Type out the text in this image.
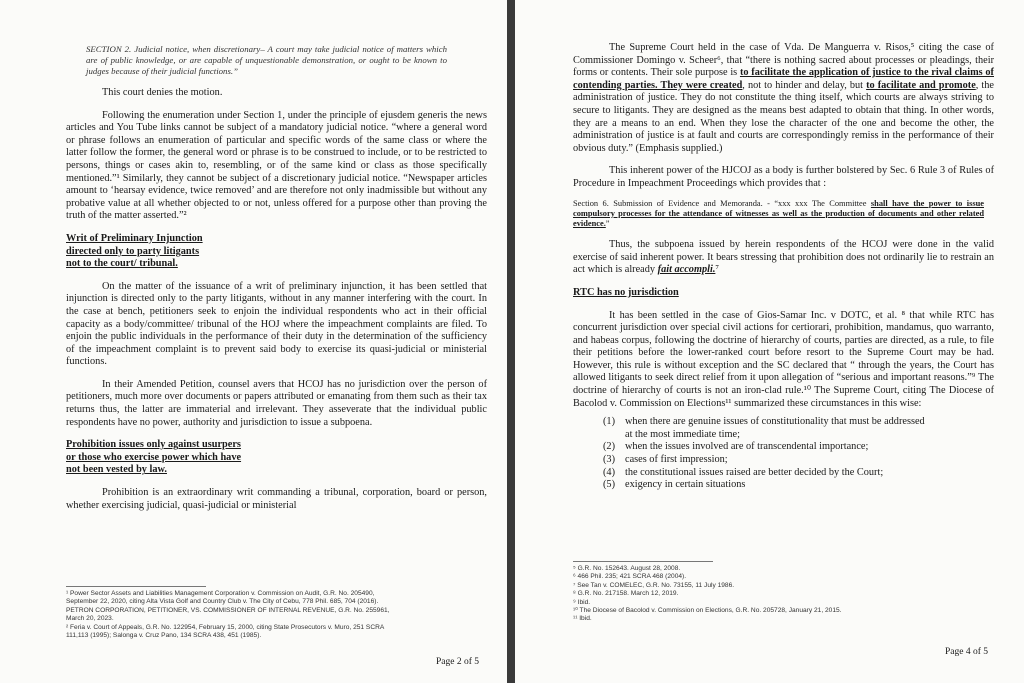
SECTION 2. Judicial notice, when discretionary– A court may take judicial notice of matters which are of public knowledge, or are capable of unquestionable demonstration, or ought to be known to judges because of their judicial functions.”

This court denies the motion.

Following the enumeration under Section 1, under the principle of ejusdem generis the news articles and You Tube links cannot be subject of a mandatory judicial notice. “where a general word or phrase follows an enumeration of particular and specific words of the same class or where the latter follow the former, the general word or phrase is to be construed to include, or to be restricted to persons, things or cases akin to, resembling, or of the same kind or class as those specifically mentioned.”¹ Similarly, they cannot be subject of a discretionary judicial notice. “Newspaper articles amount to ‘hearsay evidence, twice removed’ and are therefore not only inadmissible but without any probative value at all whether objected to or not, unless offered for a purpose other than proving the truth of the matter asserted.”²

Writ of Preliminary Injunction
directed only to party litigants
not to the court/ tribunal.

On the matter of the issuance of a writ of preliminary injunction, it has been settled that injunction is directed only to the party litigants, without in any manner interfering with the court. In the case at bench, petitioners seek to enjoin the individual respondents who act in their official capacity as a body/committee/ tribunal of the HOJ where the impeachment complaints are filed. To enjoin the public individuals in the performance of their duty in the determination of the sufficiency of the impeachment complaint is to prevent said body to exercise its quasi-judicial or ministerial functions.

In their Amended Petition, counsel avers that HCOJ has no jurisdiction over the person of petitioners, much more over documents or papers attributed or emanating from them such as their tax returns thus, the latter are immaterial and irrelevant. They asseverate that the individual public respondents have no power, authority and jurisdiction to issue a subpoena.

Prohibition issues only against usurpers
or those who exercise power which have
not been vested by law.

Prohibition is an extraordinary writ commanding a tribunal, corporation, board or person, whether exercising judicial, quasi-judicial or ministerial

¹ Power Sector Assets and Liabilities Management Corporation v. Commission on Audit, G.R. No. 205490,
September 22, 2020, citing Alta Vista Golf and Country Club v. The City of Cebu, 778 Phil. 685, 704 (2016).
PETRON CORPORATION, PETITIONER, VS. COMMISSIONER OF INTERNAL REVENUE, G.R. No. 255961,
March 20, 2023.
² Feria v. Court of Appeals, G.R. No. 122954, February 15, 2000, citing State Prosecutors v. Muro, 251 SCRA
111,113 (1995); Salonga v. Cruz Pano, 134 SCRA 438, 451 (1985).
Page 2 of 5

The Supreme Court held in the case of Vda. De Manguerra v. Risos,⁵ citing the case of Commissioner Domingo v. Scheer⁶, that “there is nothing sacred about processes or pleadings, their forms or contents. Their sole purpose is to facilitate the application of justice to the rival claims of contending parties. They were created, not to hinder and delay, but to facilitate and promote, the administration of justice. They do not constitute the thing itself, which courts are always striving to secure to litigants. They are designed as the means best adapted to obtain that thing. In other words, they are a means to an end. When they lose the character of the one and become the other, the administration of justice is at fault and courts are correspondingly remiss in the performance of their obvious duty.” (Emphasis supplied.)

This inherent power of the HJCOJ as a body is further bolstered by Sec. 6 Rule 3 of Rules of Procedure in Impeachment Proceedings which provides that :

Section 6. Submission of Evidence and Memoranda. - “xxx xxx The Committee shall have the power to issue compulsory processes for the attendance of witnesses as well as the production of documents and other related evidence.”

Thus, the subpoena issued by herein respondents of the HCOJ were done in the valid exercise of said inherent power. It bears stressing that prohibition does not ordinarily lie to restrain an act which is already fait accompli.⁷

RTC has no jurisdiction

It has been settled in the case of Gios-Samar Inc. v DOTC, et al. ⁸ that while RTC has concurrent jurisdiction over special civil actions for certiorari, prohibition, mandamus, quo warranto, and habeas corpus, following the doctrine of hierarchy of courts, parties are directed, as a rule, to file their petitions before the lower-ranked court before resort to the Supreme Court may be had. However, this rule is without exception and the SC declared that “ through the years, the Court has allowed litigants to seek direct relief from it upon allegation of “serious and important reasons.”⁹ The doctrine of hierarchy of courts is not an iron-clad rule.¹⁰ The Supreme Court, citing The Diocese of Bacolod v. Commission on Elections¹¹ summarized these circumstances in this wise:

(1) when there are genuine issues of constitutionality that must be addressed at the most immediate time;
(2) when the issues involved are of transcendental importance;
(3) cases of first impression;
(4) the constitutional issues raised are better decided by the Court;
(5) exigency in certain situations
⁵ G.R. No. 152643. August 28, 2008.
⁶ 466 Phil. 235; 421 SCRA 468 (2004).
⁷ See Tan v. COMELEC, G.R. No. 73155, 11 July 1986.
⁸ G.R. No. 217158. March 12, 2019.
⁹ Ibid.
¹⁰ The Diocese of Bacolod v. Commission on Elections, G.R. No. 205728, January 21, 2015.
¹¹ Ibid.
Page 4 of 5
